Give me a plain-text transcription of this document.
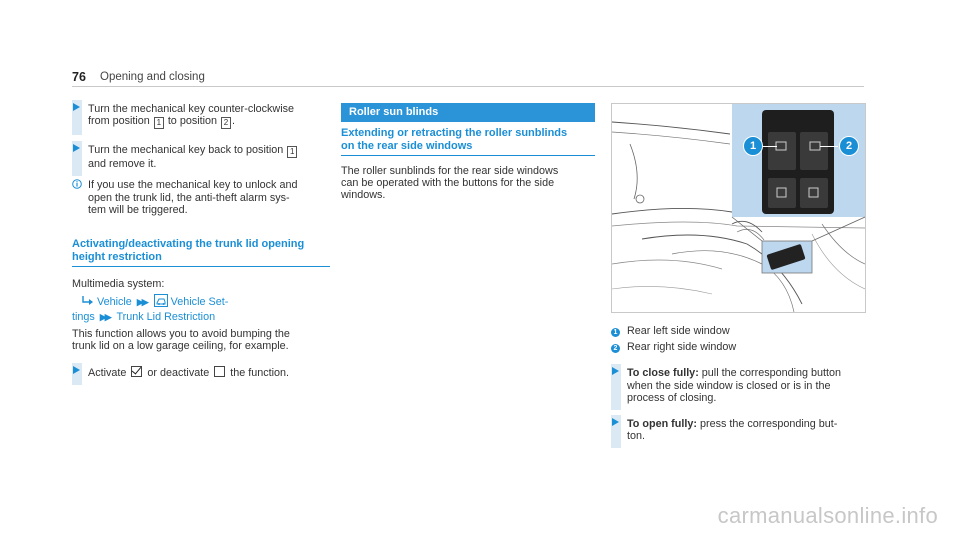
76 Opening and closing
Turn the mechanical key counter-clockwise
from position 1 to position 2 .
Turn the mechanical key back to position 1
and remove it.
If you use the mechanical key to unlock and
open the trunk lid, the anti-theft alarm sys-
tem will be triggered.
Activating/deactivating the trunk lid opening
height restriction
Multimedia system:
Vehicle ▶▶ Vehicle Set-
tings ▶▶ Trunk Lid Restriction
This function allows you to avoid bumping the
trunk lid on a low garage ceiling, for example.
Activate or deactivate the function.
Roller sun blinds
Extending or retracting the roller sunblinds
on the rear side windows
The roller sunblinds for the rear side windows
can be operated with the buttons for the side
windows.
1	2
1 Rear left side window
2 Rear right side window
To close fully: pull the corresponding button
when the side window is closed or is in the
process of closing.
To open fully: press the corresponding but-
ton.
carmanualsonline.info
